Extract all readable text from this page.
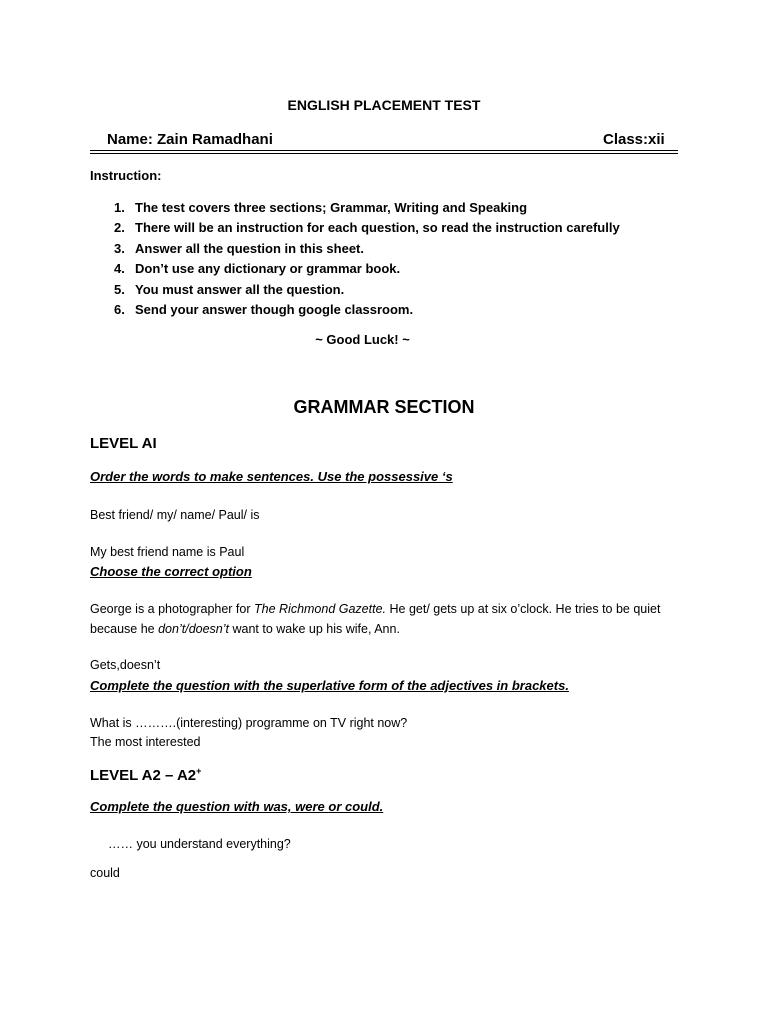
ENGLISH PLACEMENT TEST
Name: Zain Ramadhani	Class:xii
Instruction:
1. The test covers three sections; Grammar, Writing and Speaking
2. There will be an instruction for each question, so read the instruction carefully
3. Answer all the question in this sheet.
4. Don’t use any dictionary or grammar book.
5. You must answer all the question.
6. Send your answer though google classroom.
~ Good Luck! ~
GRAMMAR SECTION
LEVEL AI
Order the words to make sentences. Use the possessive ‘s
Best friend/ my/ name/ Paul/ is
My best friend name is Paul
Choose the correct option
George is a photographer for The Richmond Gazette. He get/ gets up at six o’clock. He tries to be quiet
because he don’t/doesn’t want to wake up his wife, Ann.
Gets,doesn’t
Complete the question with the superlative form of the adjectives in brackets.
What is ……….(interesting) programme on TV right now?
The most interested
LEVEL A2 – A2+
Complete the question with was, were or could.
…… you understand everything?
could
